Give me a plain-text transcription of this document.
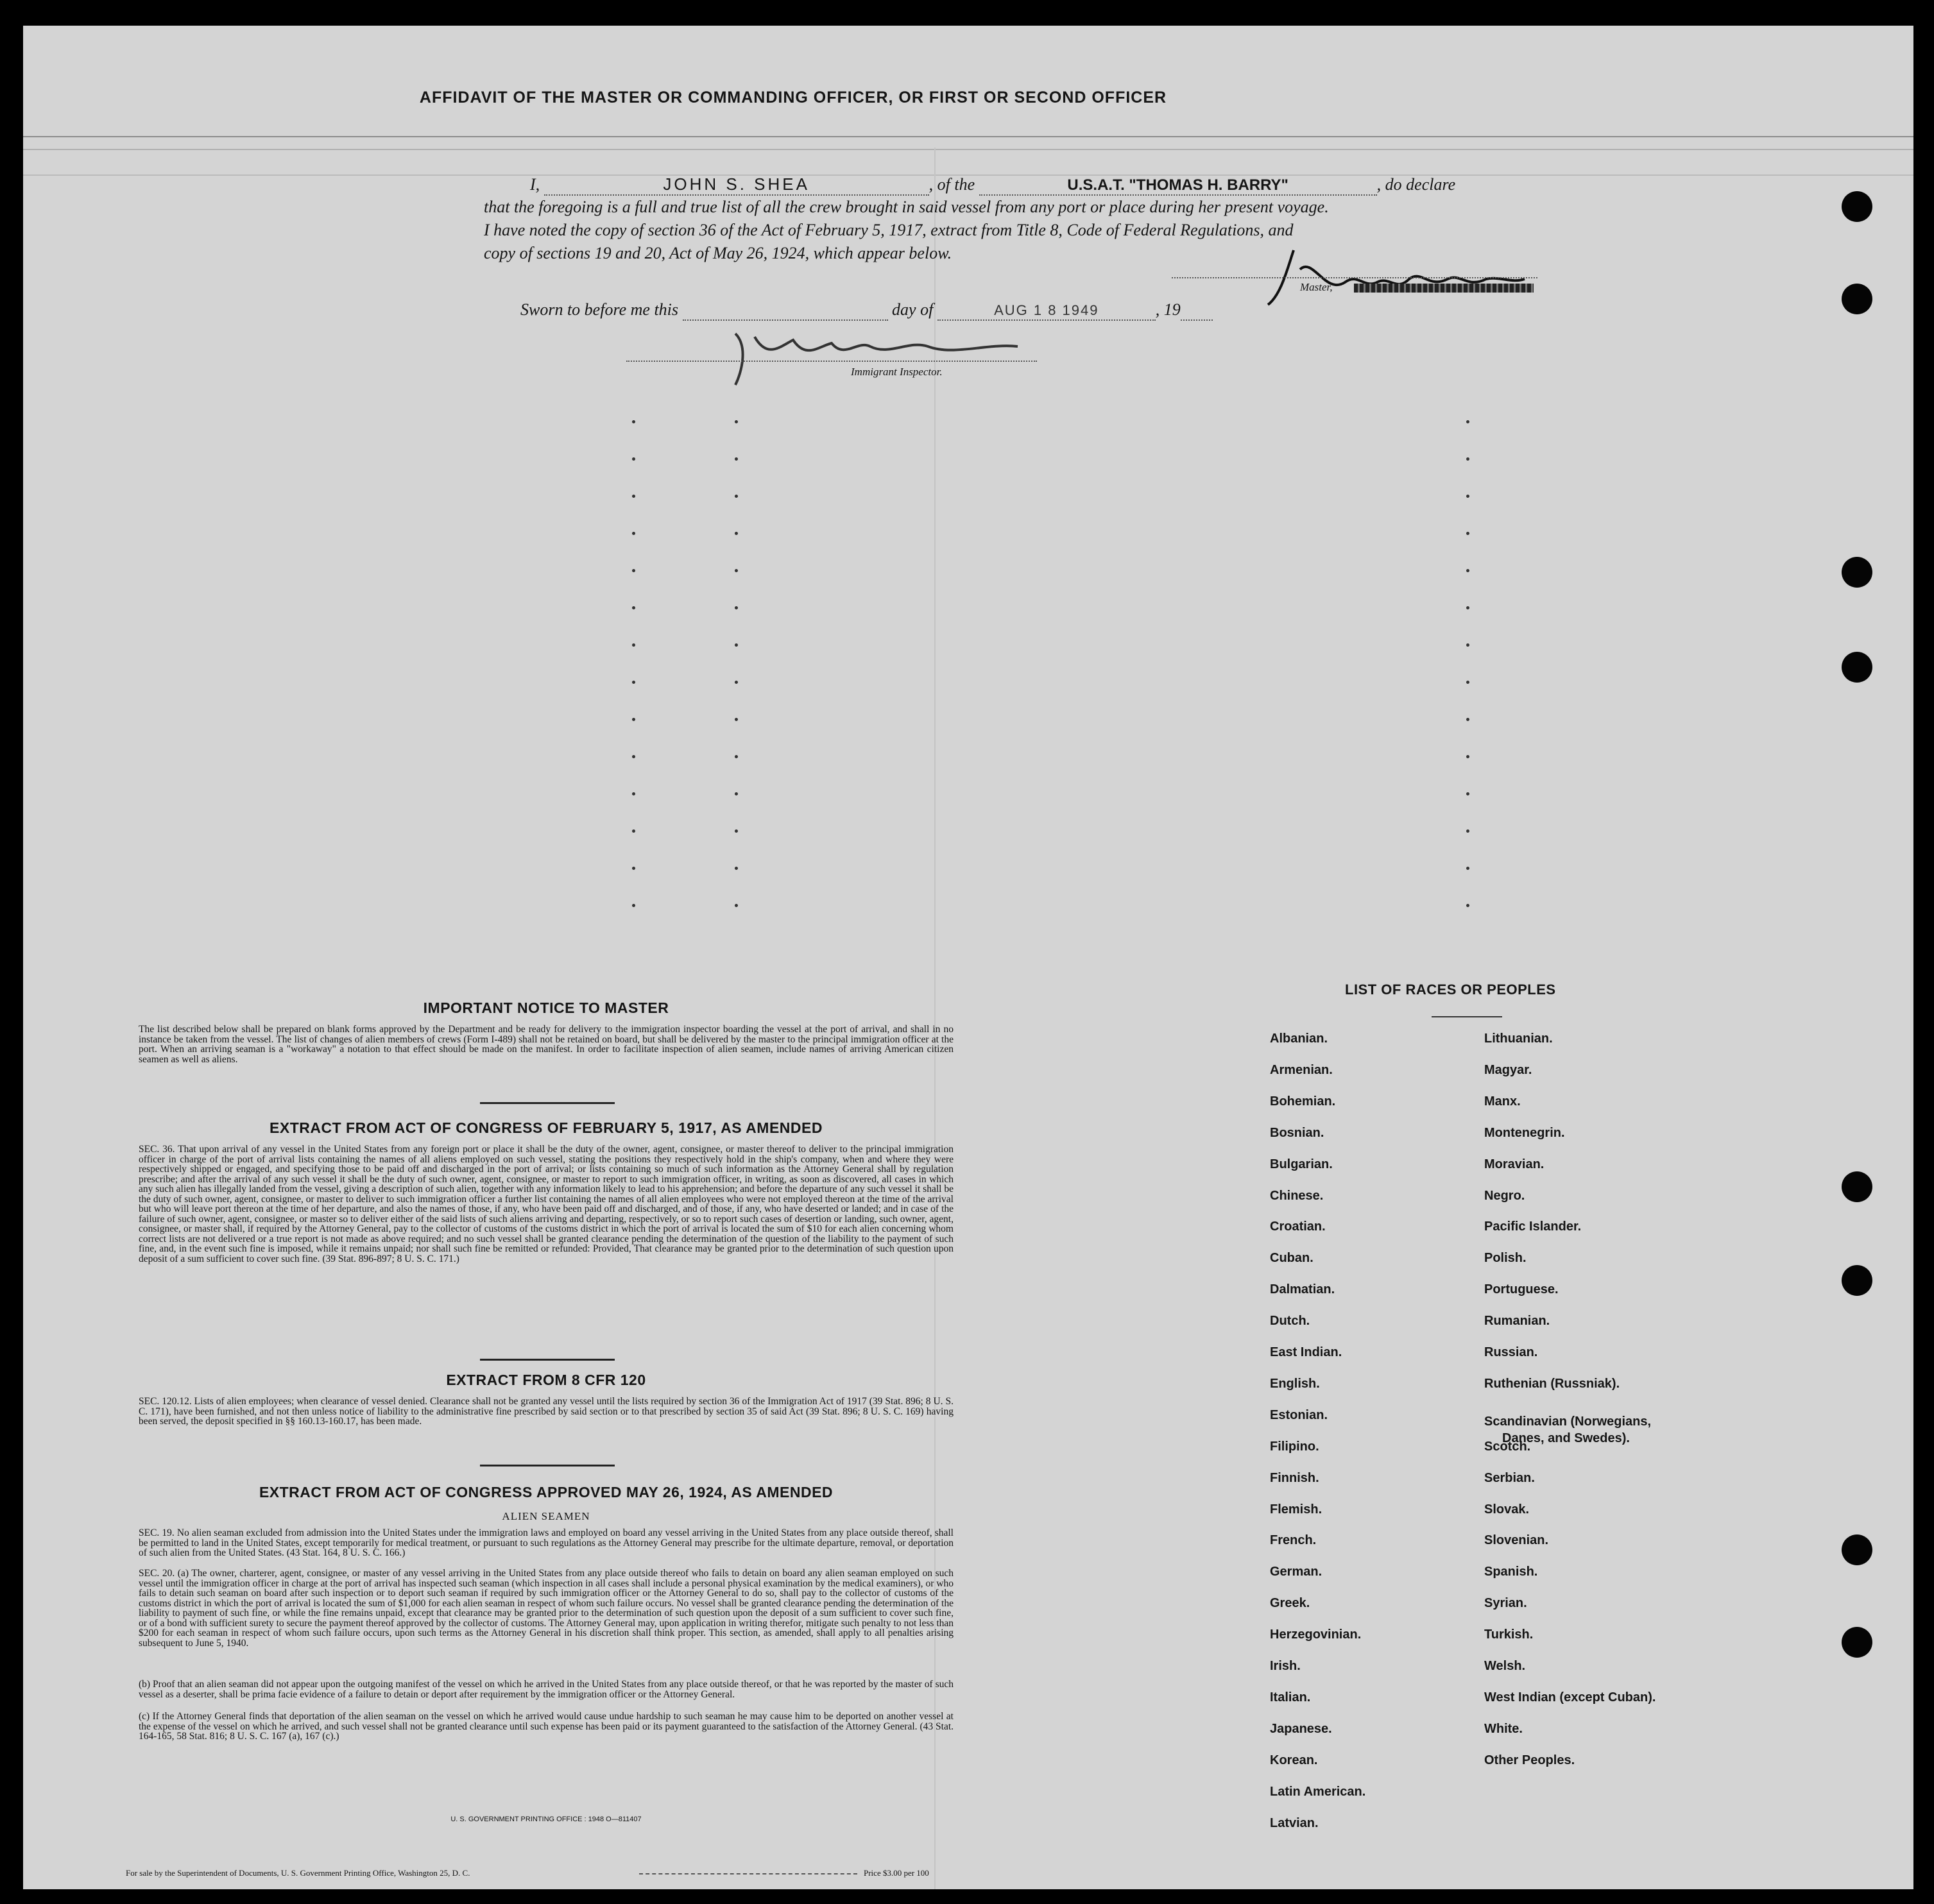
AFFIDAVIT OF THE MASTER OR COMMANDING OFFICER, OR FIRST OR SECOND OFFICER
I,	JOHN S. SHEA	, of the	U.S.A.T. "THOMAS H. BARRY"	, do declare
that the foregoing is a full and true list of all the crew brought in said vessel from any port or place during her present voyage.
I have noted the copy of section 36 of the Act of February 5, 1917, extract from Title 8, Code of Federal Regulations, and
copy of sections 19 and 20, Act of May 26, 1924, which appear below.
Master,
Sworn to before me this	day of	AUG 1 8 1949	, 19
Immigrant Inspector.
IMPORTANT NOTICE TO MASTER

The list described below shall be prepared on blank forms approved by the Department and be ready for delivery to the immigration inspector boarding the vessel at the port of arrival, and shall in no instance be taken from the vessel. The list of changes of alien members of crews (Form I-489) shall not be retained on board, but shall be delivered by the master to the principal immigration officer at the port. When an arriving seaman is a "workaway" a notation to that effect should be made on the manifest. In order to facilitate inspection of alien seamen, include names of arriving American citizen seamen as well as aliens.

EXTRACT FROM ACT OF CONGRESS OF FEBRUARY 5, 1917, AS AMENDED

SEC. 36. That upon arrival of any vessel in the United States from any foreign port or place it shall be the duty of the owner, agent, consignee, or master thereof to deliver to the principal immigration officer in charge of the port of arrival lists containing the names of all aliens employed on such vessel, stating the positions they respectively hold in the ship's company, when and where they were respectively shipped or engaged, and specifying those to be paid off and discharged in the port of arrival; or lists containing so much of such information as the Attorney General shall by regulation prescribe; and after the arrival of any such vessel it shall be the duty of such owner, agent, consignee, or master to report to such immigration officer, in writing, as soon as discovered, all cases in which any such alien has illegally landed from the vessel, giving a description of such alien, together with any information likely to lead to his apprehension; and before the departure of any such vessel it shall be the duty of such owner, agent, consignee, or master to deliver to such immigration officer a further list containing the names of all alien employees who were not employed thereon at the time of the arrival but who will leave port thereon at the time of her departure, and also the names of those, if any, who have been paid off and discharged, and of those, if any, who have deserted or landed; and in case of the failure of such owner, agent, consignee, or master so to deliver either of the said lists of such aliens arriving and departing, respectively, or so to report such cases of desertion or landing, such owner, agent, consignee, or master shall, if required by the Attorney General, pay to the collector of customs of the customs district in which the port of arrival is located the sum of $10 for each alien concerning whom correct lists are not delivered or a true report is not made as above required; and no such vessel shall be granted clearance pending the determination of the question of the liability to the payment of such fine, and, in the event such fine is imposed, while it remains unpaid; nor shall such fine be remitted or refunded: Provided, That clearance may be granted prior to the determination of such question upon deposit of a sum sufficient to cover such fine. (39 Stat. 896-897; 8 U. S. C. 171.)

EXTRACT FROM 8 CFR 120

SEC. 120.12. Lists of alien employees; when clearance of vessel denied. Clearance shall not be granted any vessel until the lists required by section 36 of the Immigration Act of 1917 (39 Stat. 896; 8 U. S. C. 171), have been furnished, and not then unless notice of liability to the administrative fine prescribed by said section or to that prescribed by section 35 of said Act (39 Stat. 896; 8 U. S. C. 169) having been served, the deposit specified in §§ 160.13-160.17, has been made.

EXTRACT FROM ACT OF CONGRESS APPROVED MAY 26, 1924, AS AMENDED
ALIEN SEAMEN

SEC. 19. No alien seaman excluded from admission into the United States under the immigration laws and employed on board any vessel arriving in the United States from any place outside thereof, shall be permitted to land in the United States, except temporarily for medical treatment, or pursuant to such regulations as the Attorney General may prescribe for the ultimate departure, removal, or deportation of such alien from the United States. (43 Stat. 164, 8 U. S. C. 166.)

SEC. 20. (a) The owner, charterer, agent, consignee, or master of any vessel arriving in the United States from any place outside thereof who fails to detain on board any alien seaman employed on such vessel until the immigration officer in charge at the port of arrival has inspected such seaman (which inspection in all cases shall include a personal physical examination by the medical examiners), or who fails to detain such seaman on board after such inspection or to deport such seaman if required by such immigration officer or the Attorney General to do so, shall pay to the collector of customs of the customs district in which the port of arrival is located the sum of $1,000 for each alien seaman in respect of whom such failure occurs. No vessel shall be granted clearance pending the determination of the liability to payment of such fine, or while the fine remains unpaid, except that clearance may be granted prior to the determination of such question upon the deposit of a sum sufficient to cover such fine, or of a bond with sufficient surety to secure the payment thereof approved by the collector of customs. The Attorney General may, upon application in writing therefor, mitigate such penalty to not less than $200 for each seaman in respect of whom such failure occurs, upon such terms as the Attorney General in his discretion shall think proper. This section, as amended, shall apply to all penalties arising subsequent to June 5, 1940.

(b) Proof that an alien seaman did not appear upon the outgoing manifest of the vessel on which he arrived in the United States from any place outside thereof, or that he was reported by the master of such vessel as a deserter, shall be prima facie evidence of a failure to detain or deport after requirement by the immigration officer or the Attorney General.

(c) If the Attorney General finds that deportation of the alien seaman on the vessel on which he arrived would cause undue hardship to such seaman he may cause him to be deported on another vessel at the expense of the vessel on which he arrived, and such vessel shall not be granted clearance until such expense has been paid or its payment guaranteed to the satisfaction of the Attorney General. (43 Stat. 164-165, 58 Stat. 816; 8 U. S. C. 167 (a), 167 (c).)

U. S. GOVERNMENT PRINTING OFFICE : 1948 O—811407
LIST OF RACES OR PEOPLES
For sale by the Superintendent of Documents, U. S. Government Printing Office, Washington 25, D. C.	Price $3.00 per 100
Albanian.
Armenian.
Bohemian.
Bosnian.
Bulgarian.
Chinese.
Croatian.
Cuban.
Dalmatian.
Dutch.
East Indian.
English.
Estonian.
Filipino.
Finnish.
Flemish.
French.
German.
Greek.
Herzegovinian.
Irish.
Italian.
Japanese.
Korean.
Latin American.
Latvian.
Lithuanian.
Magyar.
Manx.
Montenegrin.
Moravian.
Negro.
Pacific Islander.
Polish.
Portuguese.
Rumanian.
Russian.
Ruthenian (Russniak).
Scandinavian (Norwegians,
Danes, and Swedes).
Scotch.
Serbian.
Slovak.
Slovenian.
Spanish.
Syrian.
Turkish.
Welsh.
West Indian (except Cuban).
White.
Other Peoples.
